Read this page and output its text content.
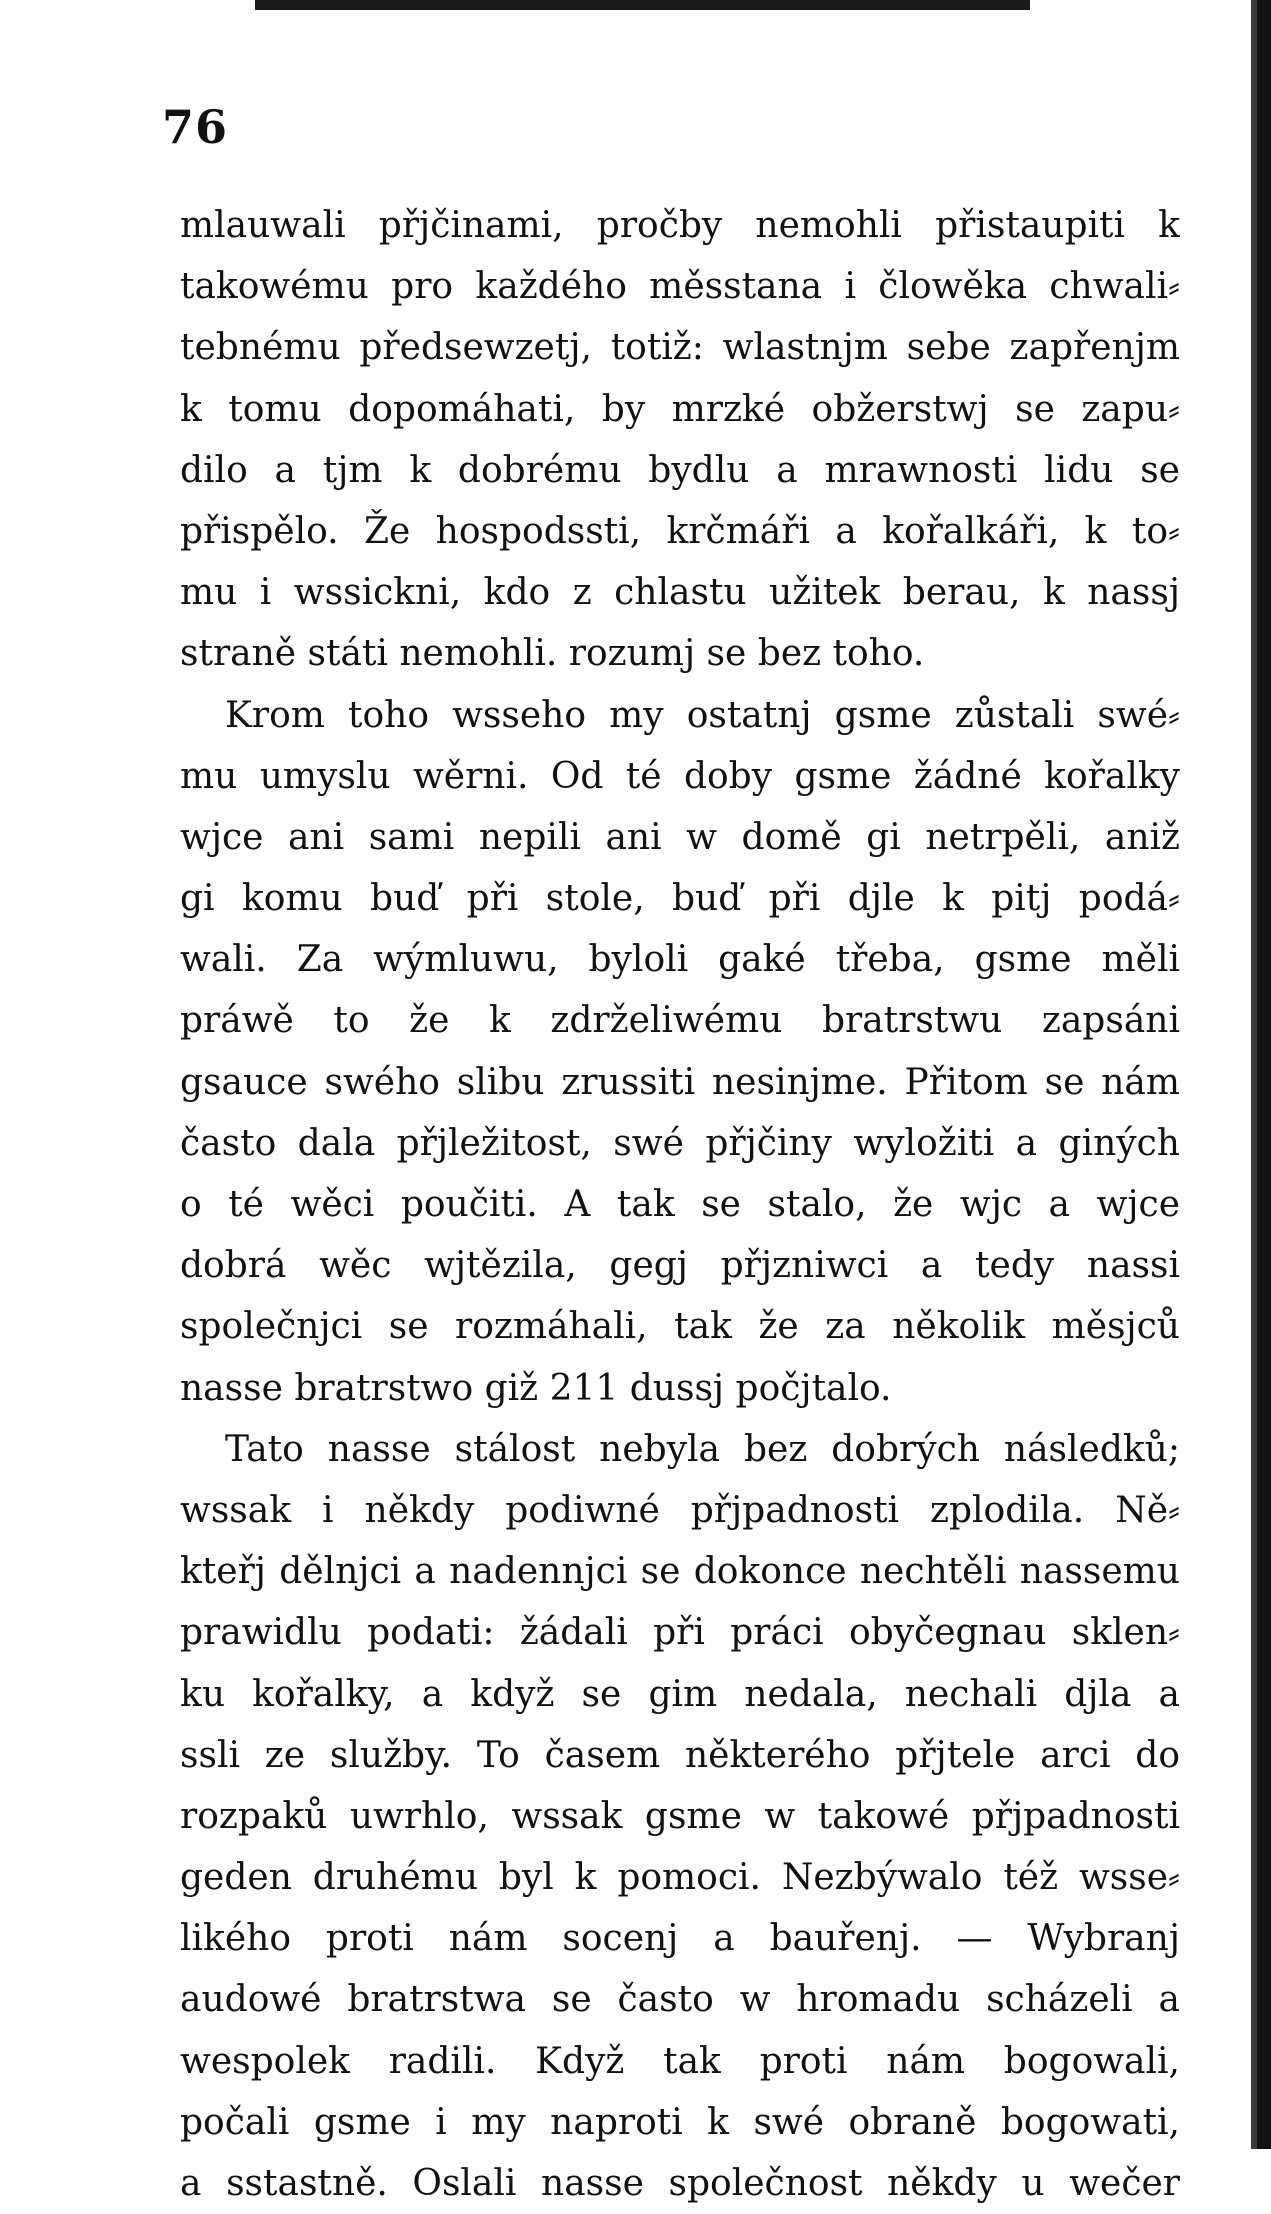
76
mlauwali přjčinami, pročby nemohli přistaupiti k
takowému pro každého měsstana i člowěka chwali⸗
tebnému předsewzetj, totiž: wlastnjm sebe zapřenjm
k tomu dopomáhati, by mrzké obžerstwj se zapu⸗
dilo a tjm k dobrému bydlu a mrawnosti lidu se
přispělo. Že hospodssti, krčmáři a kořalkáři, k to⸗
mu i wssickni, kdo z chlastu užitek berau, k nassj
straně státi nemohli. rozumj se bez toho.
Krom toho wsseho my ostatnj gsme zůstali swé⸗
mu umyslu wěrni. Od té doby gsme žádné kořalky
wjce ani sami nepili ani w domě gi netrpěli, aniž
gi komu buď při stole, buď při djle k pitj podá⸗
wali. Za wýmluwu, byloli gaké třeba, gsme měli
práwě to že k zdrželiwému bratrstwu zapsáni
gsauce swého slibu zrussiti nesinjme. Přitom se nám
často dala přjležitost, swé přjčiny wyložiti a giných
o té wěci poučiti. A tak se stalo, že wjc a wjce
dobrá wěc wjtězila, gegj přjzniwci a tedy nassi
společnjci se rozmáhali, tak že za několik měsjců
nasse bratrstwo giž 211 dussj počjtalo.
Tato nasse stálost nebyla bez dobrých následků;
wssak i někdy podiwné přjpadnosti zplodila. Ně⸗
kteřj dělnjci a nadennjci se dokonce nechtěli nassemu
prawidlu podati: žádali při práci obyčegnau sklen⸗
ku kořalky, a když se gim nedala, nechali djla a
ssli ze služby. To časem některého přjtele arci do
rozpaků uwrhlo, wssak gsme w takowé přjpadnosti
geden druhému byl k pomoci. Nezbýwalo též wsse⸗
likého proti nám socenj a bauřenj. — Wybranj
audowé bratrstwa se často w hromadu scházeli a
wespolek radili. Když tak proti nám bogowali,
počali gsme i my naproti k swé obraně bogowati,
a sstastně. Oslali nasse společnost někdy u wečer
